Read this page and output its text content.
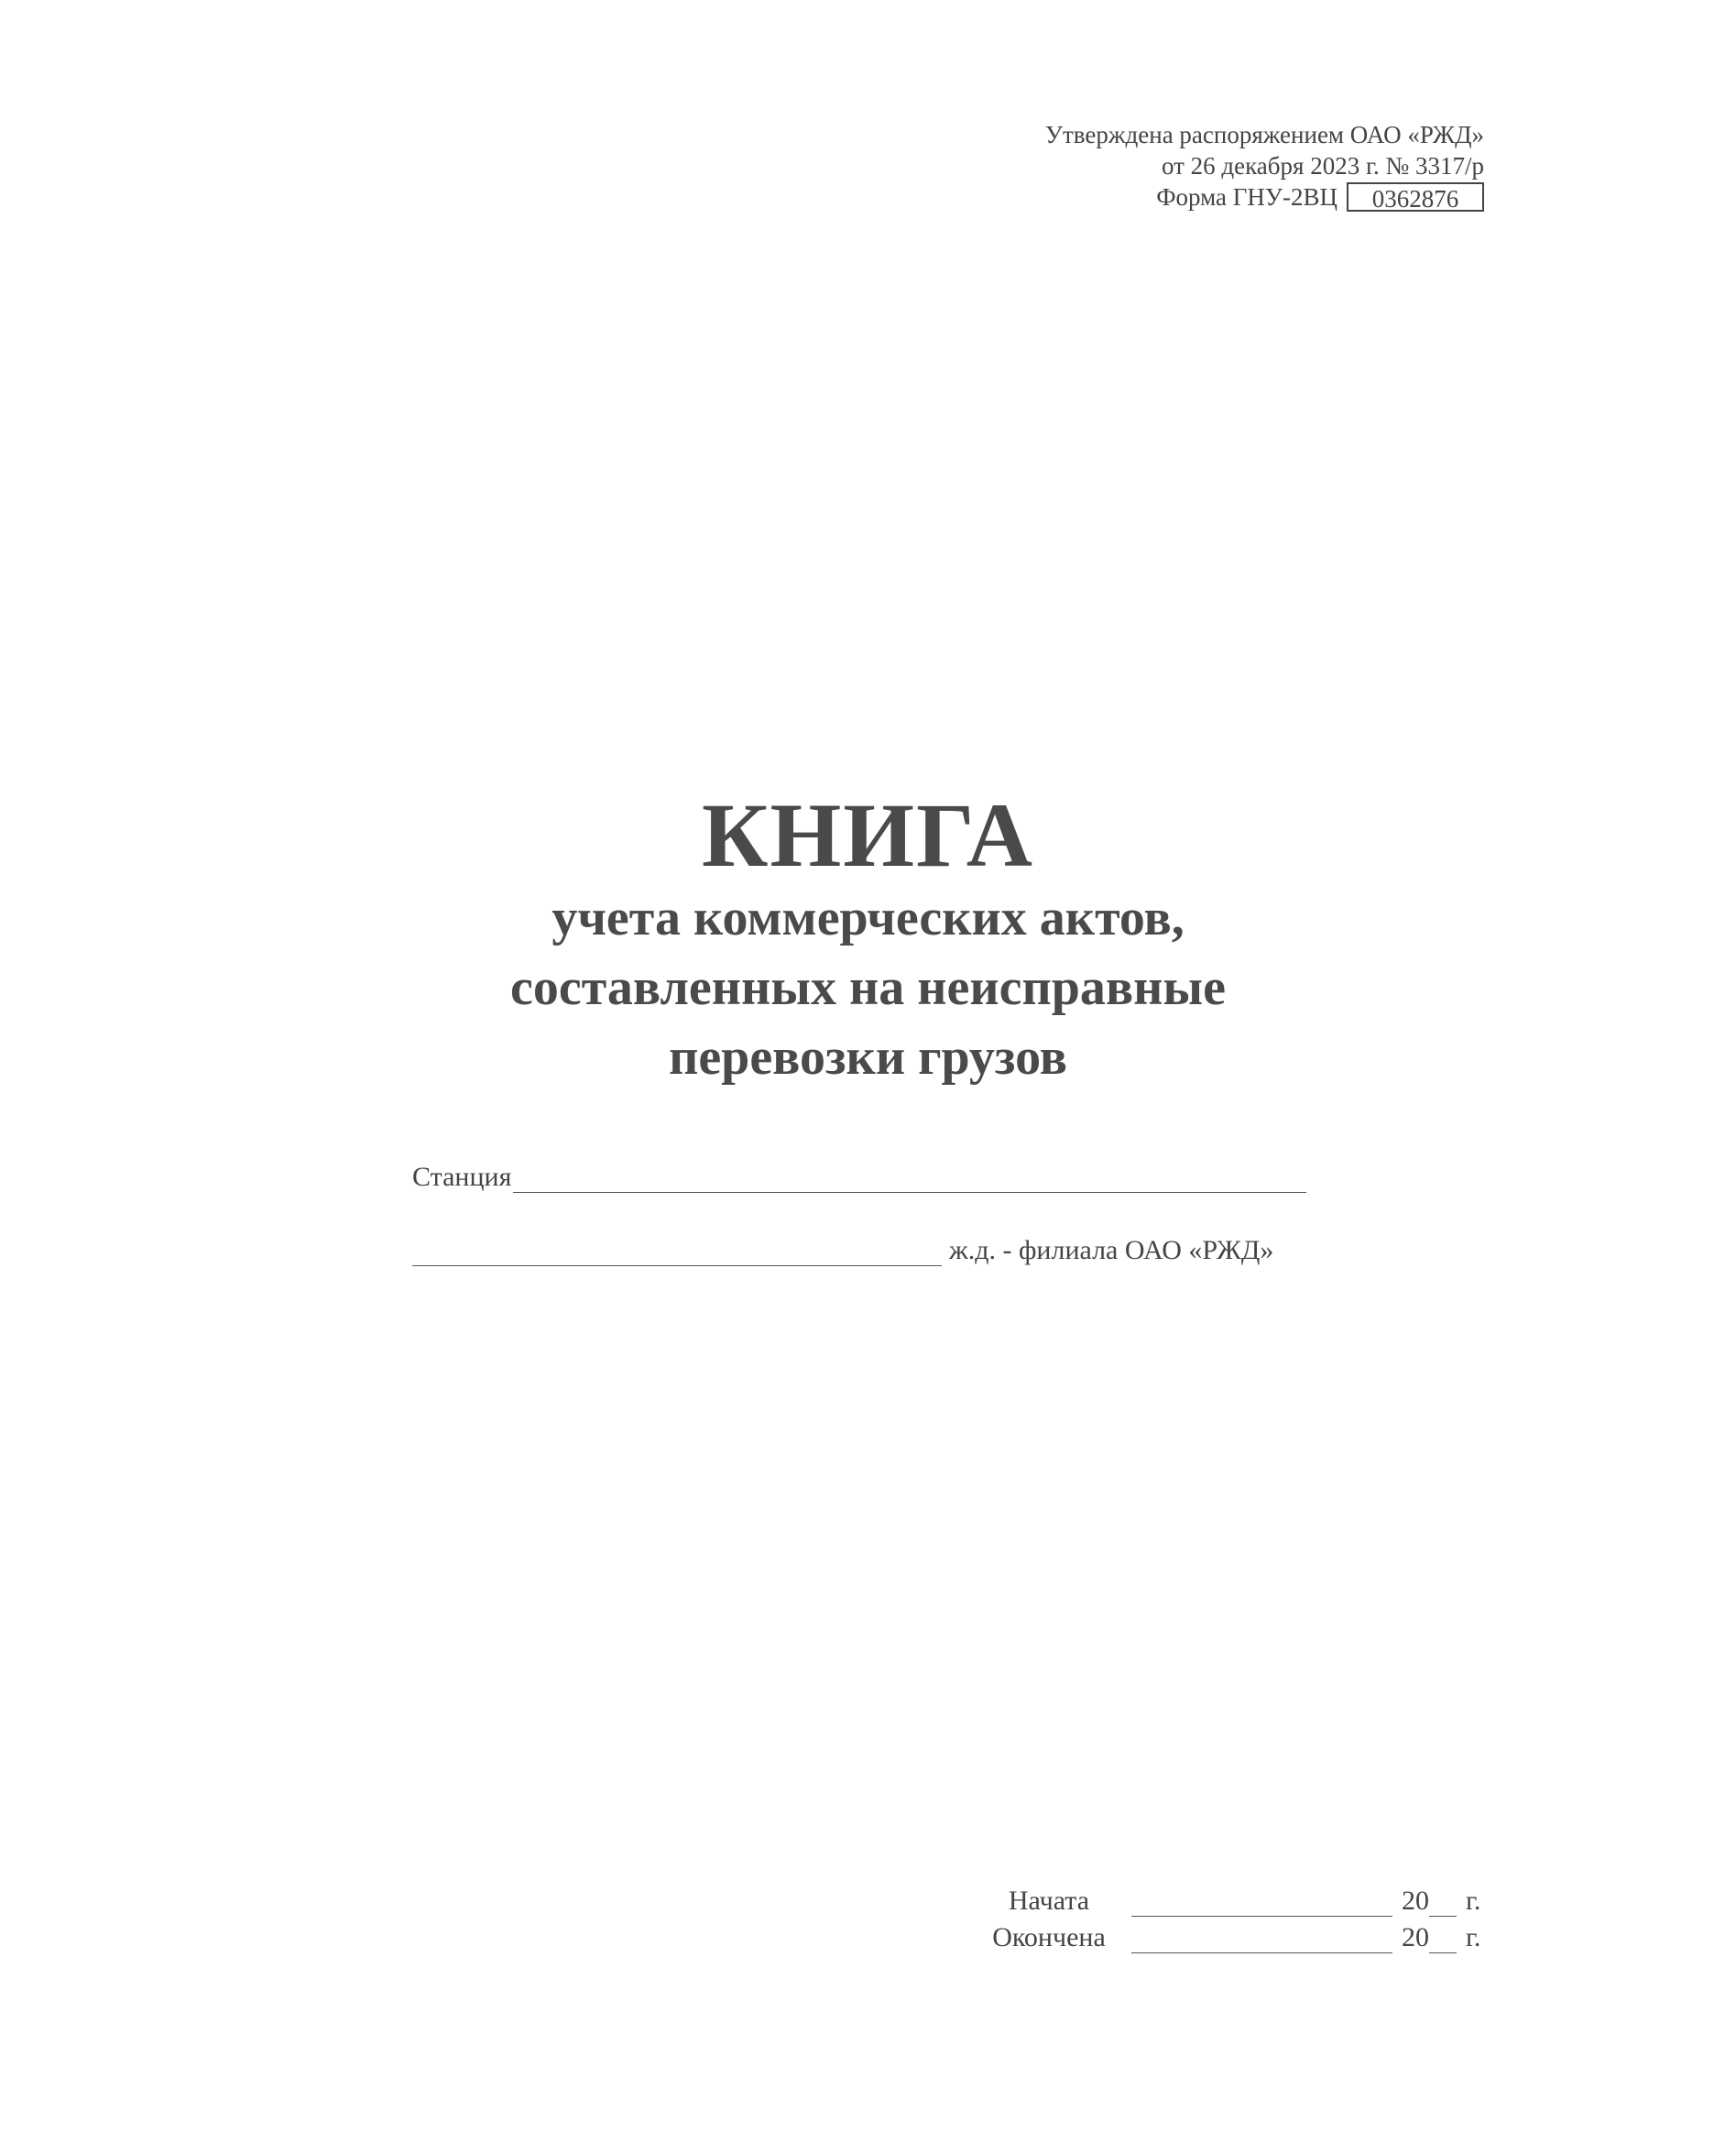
Утверждена распоряжением ОАО «РЖД»
от 26 декабря 2023 г. № 3317/р
Форма ГНУ-2ВЦ	0362876
КНИГА
учета коммерческих актов,
составленных на неисправные
перевозки грузов
Станция
ж.д. - филиала ОАО «РЖД»
Начата	20 г.
Окончена	20 г.
